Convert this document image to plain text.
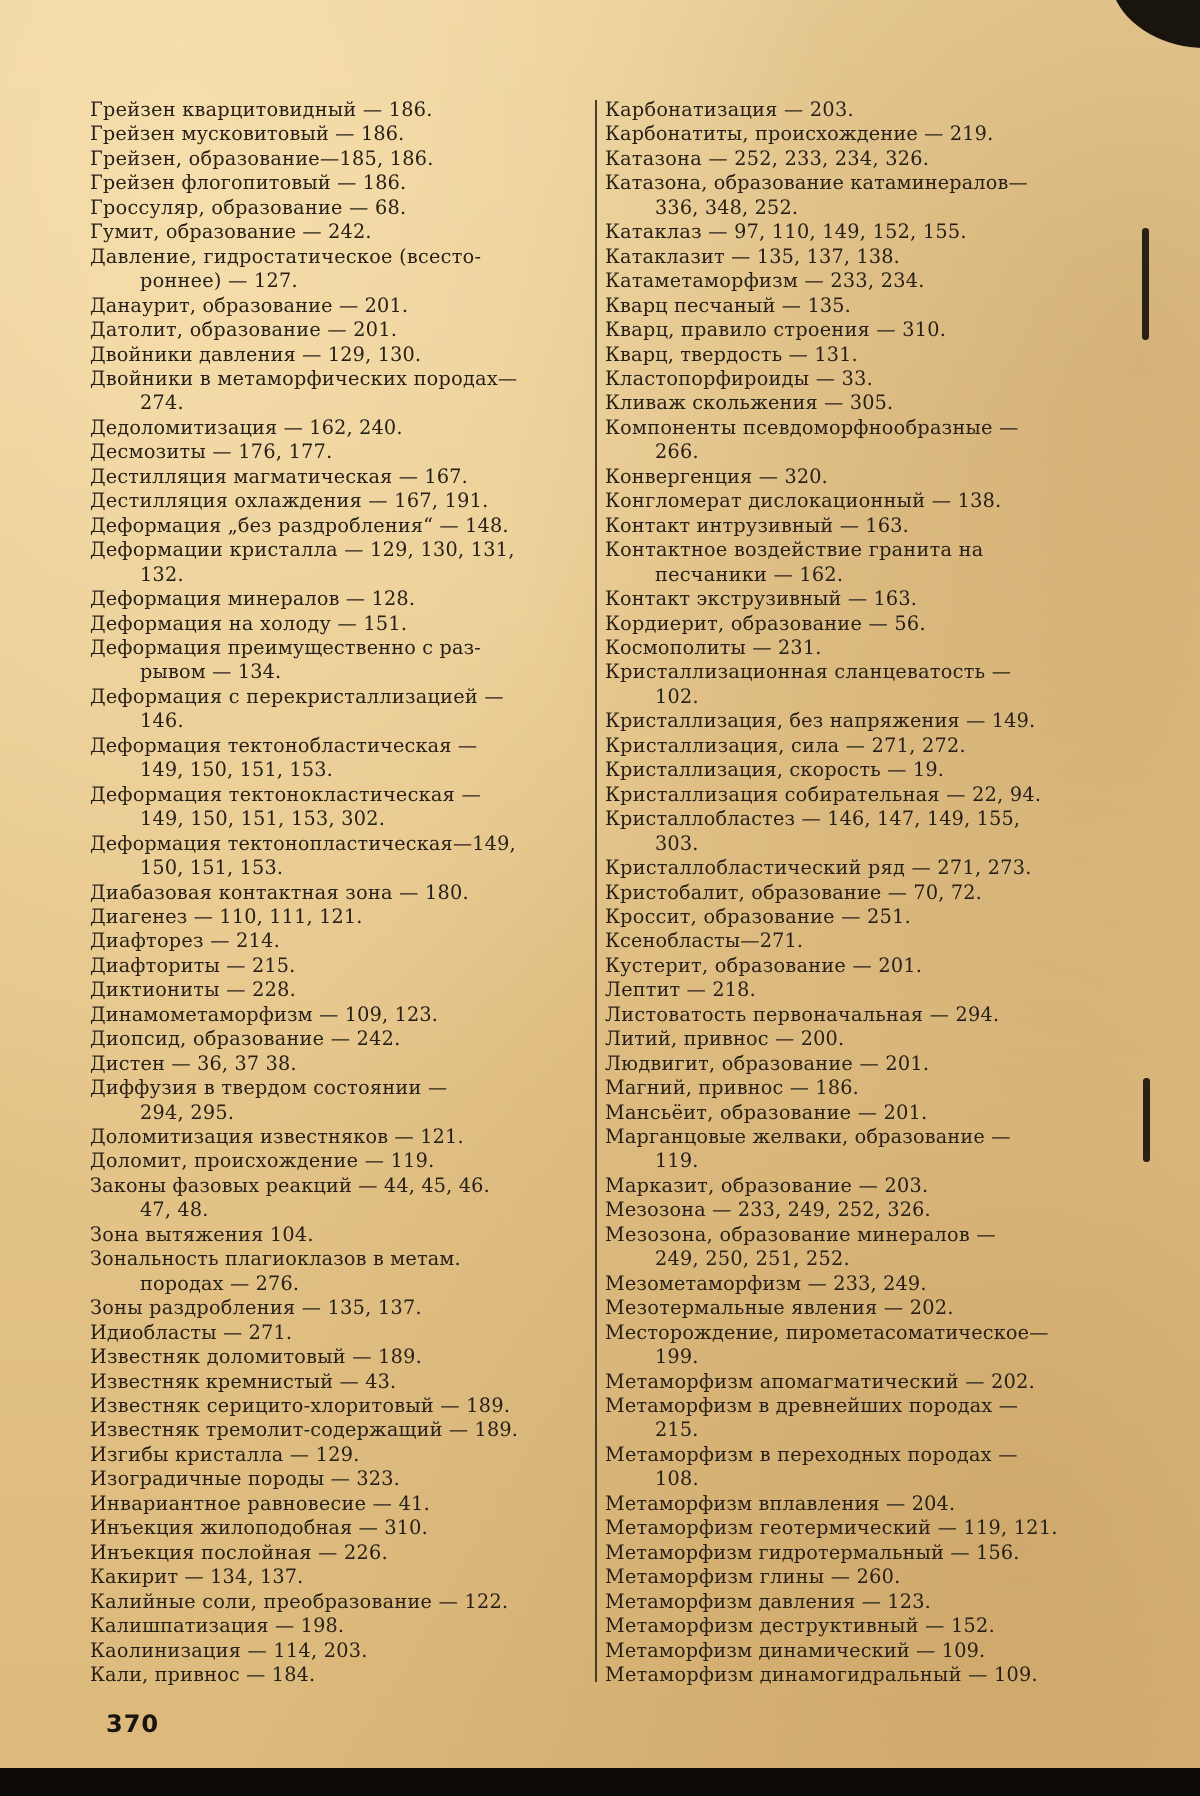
Грейзен кварцитовидный — 186.

Грейзен мусковитовый — 186.

Грейзен, образование—185, 186.

Грейзен флогопитовый — 186.

Гроссуляр, образование — 68.

Гумит, образование — 242.

Давление, гидростатическое (всесто-
роннее) — 127.

Данаурит, образование — 201.

Датолит, образование — 201.

Двойники давления — 129, 130.

Двойники в метаморфических породах—
274.

Дедоломитизация — 162, 240.

Десмозиты — 176, 177.

Дестилляция магматическая — 167.

Дестилляция охлаждения — 167, 191.

Деформация „без раздробления“ — 148.

Деформации кристалла — 129, 130, 131,
132.

Деформация минералов — 128.

Деформация на холоду — 151.

Деформация преимущественно с раз-
рывом — 134.

Деформация с перекристаллизацией —
146.

Деформация тектонобластическая —
149, 150, 151, 153.

Деформация тектонокластическая —
149, 150, 151, 153, 302.

Деформация тектонопластическая—149,
150, 151, 153.

Диабазовая контактная зона — 180.

Диагенез — 110, 111, 121.

Диафторез — 214.

Диафториты — 215.

Диктиониты — 228.

Динамометаморфизм — 109, 123.

Диопсид, образование — 242.

Дистен — 36, 37 38.

Диффузия в твердом состоянии —
294, 295.

Доломитизация известняков — 121.

Доломит, происхождение — 119.

Законы фазовых реакций — 44, 45, 46.
47, 48.

Зона вытяжения 104.

Зональность плагиоклазов в метам.
породах — 276.

Зоны раздробления — 135, 137.

Идиобласты — 271.

Известняк доломитовый — 189.

Известняк кремнистый — 43.

Известняк серицито-хлоритовый — 189.

Известняк тремолит-содержащий — 189.

Изгибы кристалла — 129.

Изоградичные породы — 323.

Инвариантное равновесие — 41.

Инъекция жилоподобная — 310.

Инъекция послойная — 226.

Какирит — 134, 137.

Калийные соли, преобразование — 122.

Калишпатизация — 198.

Каолинизация — 114, 203.

Кали, привнос — 184.

Карбонатизация — 203.

Карбонатиты, происхождение — 219.

Катазона — 252, 233, 234, 326.

Катазона, образование катаминералов—
336, 348, 252.

Катаклаз — 97, 110, 149, 152, 155.

Катаклазит — 135, 137, 138.

Катаметаморфизм — 233, 234.

Кварц песчаный — 135.

Кварц, правило строения — 310.

Кварц, твердость — 131.

Кластопорфироиды — 33.

Кливаж скольжения — 305.

Компоненты псевдоморфнообразные —
266.

Конвергенция — 320.

Конгломерат дислокационный — 138.

Контакт интрузивный — 163.

Контактное воздействие гранита на
песчаники — 162.

Контакт экструзивный — 163.

Кордиерит, образование — 56.

Космополиты — 231.

Кристаллизационная сланцеватость —
102.

Кристаллизация, без напряжения — 149.

Кристаллизация, сила — 271, 272.

Кристаллизация, скорость — 19.

Кристаллизация собирательная — 22, 94.

Кристаллобластез — 146, 147, 149, 155,
303.

Кристаллобластический ряд — 271, 273.

Кристобалит, образование — 70, 72.

Кроссит, образование — 251.

Ксенобласты—271.

Кустерит, образование — 201.

Лептит — 218.

Листоватость первоначальная — 294.

Литий, привнос — 200.

Людвигит, образование — 201.

Магний, привнос — 186.

Мансьёит, образование — 201.

Марганцовые желваки, образование —
119.

Марказит, образование — 203.

Мезозона — 233, 249, 252, 326.

Мезозона, образование минералов —
249, 250, 251, 252.

Мезометаморфизм — 233, 249.

Мезотермальные явления — 202.

Месторождение, пирометасоматическое—
199.

Метаморфизм апомагматический — 202.

Метаморфизм в древнейших породах —
215.

Метаморфизм в переходных породах —
108.

Метаморфизм вплавления — 204.

Метаморфизм геотермический — 119, 121.

Метаморфизм гидротермальный — 156.

Метаморфизм глины — 260.

Метаморфизм давления — 123.

Метаморфизм деструктивный — 152.

Метаморфизм динамический — 109.

Метаморфизм динамогидральный — 109.

370
